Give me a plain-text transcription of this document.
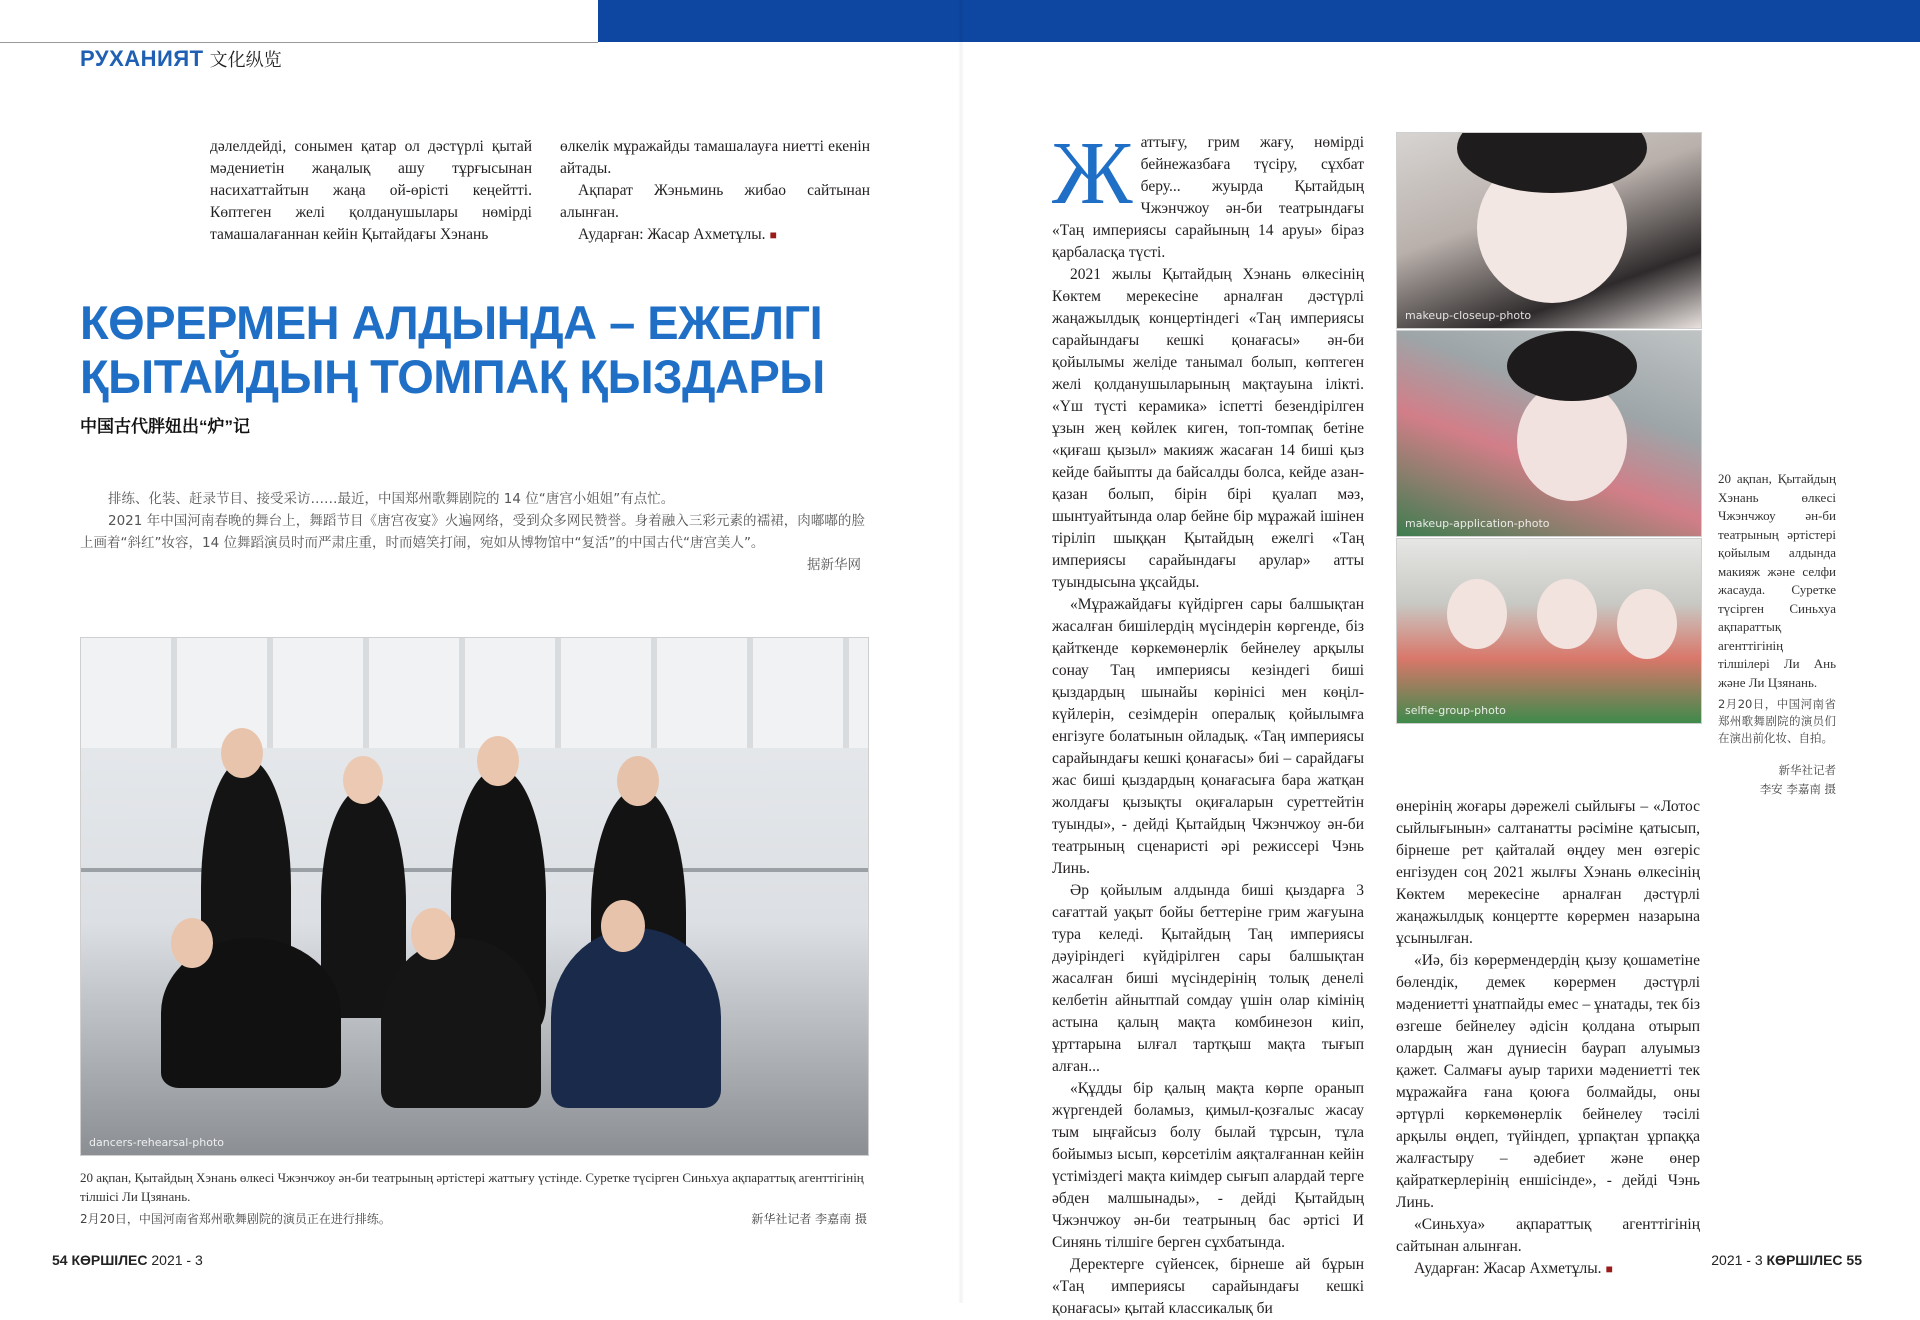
РУХАНИЯТ 文化纵览

дәлелдейді, сонымен қатар ол дәстүрлі қытай мәдениетін жаңалық ашу тұрғысынан насихаттайтын жаңа ой-өрісті кеңейтті. Көптеген желі қолданушылары нөмірді тамашалағаннан кейін Қытайдағы Хэнань

өлкелік мұражайды тамашалауға ниетті екенін айтады.

Ақпарат Жэньминь жибао сайтынан алынған.

Аударған: Жасар Ахметұлы. ■

КӨРЕРМЕН АЛДЫНДА – ЕЖЕЛГІ
ҚЫТАЙДЫҢ ТОМПАҚ ҚЫЗДАРЫ
中国古代胖妞出“炉”记

排练、化装、赶录节目、接受采访……最近，中国郑州歌舞剧院的 14 位“唐宫小姐姐”有点忙。

2021 年中国河南春晚的舞台上，舞蹈节目《唐宫夜宴》火遍网络，受到众多网民赞誉。身着融入三彩元素的襦裙，肉嘟嘟的脸上画着“斜红”妆容，14 位舞蹈演员时而严肃庄重，时而嬉笑打闹，宛如从博物馆中“复活”的中国古代“唐宫美人”。

据新华网

dancers-rehearsal-photo

20 ақпан, Қытайдың Хэнань өлкесі Чжэнчжоу ән-би театрының әртістері жаттығу үстінде. Суретке түсірген Синьхуа ақпараттық агенттігінің тілшісі Ли Цзянань.

2月20日，中国河南省郑州歌舞剧院的演员正在进行排练。	新华社记者 李嘉南 摄

Жаттығу, грим жағу, нөмірді бейнежазбаға түсіру, сұхбат беру... жуырда Қытайдың Чжэнчжоу ән-би театрындағы «Таң империясы сарайының 14 аруы» біраз қарбаласқа түсті.

2021 жылы Қытайдың Хэнань өлкесінің Көктем мерекесіне арналған дәстүрлі жаңажылдық концертіндегі «Таң империясы сарайындағы кешкі қонағасы» ән-би қойылымы желіде танымал болып, көптеген желі қолданушыларының мақтауына ілікті. «Үш түсті керамика» іспетті безендірілген ұзын жең көйлек киген, топ-томпақ бетіне «қиғаш қызыл» макияж жасаған 14 биші қыз кейде байыпты да байсалды болса, кейде азан-қазан болып, бірін бірі қуалап мәз, шынтуайтында олар бейне бір мұражай ішінен тіріліп шыққан Қытайдың ежелгі «Таң империясы сарайындағы арулар» атты туындысына ұқсайды.

«Мұражайдағы күйдірген сары балшықтан жасалған бишілердің мүсіндерін көргенде, біз қайткенде көркемөнерлік бейнелеу арқылы сонау Таң империясы кезіндегі биші қыздардың шынайы көрінісі мен көңіл-күйлерін, сезімдерін опералық қойылымға енгізуге болатынын ойладық. «Таң империясы сарайындағы кешкі қонағасы» биі – сарайдағы жас биші қыздардың қонағасыға бара жатқан жолдағы қызықты оқиғаларын суреттейтін туынды», - дейді Қытайдың Чжэнчжоу ән-би театрының сценаристі әрі режиссері Чэнь Линь.

Әр қойылым алдында биші қыздарға 3 сағаттай уақыт бойы беттеріне грим жағуына тура келеді. Қытайдың Таң империясы дәуіріндегі күйдірілген сары балшықтан жасалған биші мүсіндерінің толық денелі келбетін айнытпай сомдау үшін олар кімінің астына қалың мақта комбинезон киіп, ұрттарына ылғал тартқыш мақта тығып алған...

«Құдды бір қалың мақта көрпе оранып жүргендей боламыз, қимыл-қозғалыс жасау тым ыңғайсыз болу былай тұрсын, тұла бойымыз ысып, көрсетілім аяқталғаннан кейін үстіміздегі мақта киімдер сығып алардай терге әбден малшынады», - дейді Қытайдың Чжэнчжоу ән-би театрының бас әртісі И Синянь тілшіге берген сұхбатында.

Деректерге сүйенсек, бірнеше ай бұрын «Таң империясы сарайындағы кешкі қонағасы» қытай классикалық би

makeup-closeup-photo
makeup-application-photo
selfie-group-photo

20 ақпан, Қытайдың Хэнань өлкесі Чжэнчжоу ән-би театрының әртістері қойылым алдында макияж және селфи жасауда. Суретке түсірген Синьхуа ақпараттық агенттігінің тілшілері Ли Ань және Ли Цзянань.

2月20日，中国河南省郑州歌舞剧院的演员们在演出前化妆、自拍。

新华社记者
李安 李嘉南 摄

өнерінің жоғары дәрежелі сыйлығы – «Лотос сыйлығынын» салтанатты рәсіміне қатысып, бірнеше рет қайталай өңдеу мен өзгеріс енгізуден соң 2021 жылғы Хэнань өлкесінің Көктем мерекесіне арналған дәстүрлі жаңажылдық концертте көрермен назарына ұсынылған.

«Иә, біз көрермендердің қызу қошаметіне бөлендік, демек көрермен дәстүрлі мәдениетті ұнатпайды емес – ұнатады, тек біз өзгеше бейнелеу әдісін қолдана отырып олардың жан дүниесін баурап алуымыз қажет. Салмағы ауыр тарихи мәдениетті тек мұражайға ғана қоюға болмайды, оны әртүрлі көркемөнерлік бейнелеу тәсілі арқылы өңдеп, түйіндеп, ұрпақтан ұрпаққа жалғастыру – әдебиет және өнер қайраткерлерінің еншісінде», - дейді Чэнь Линь.

«Синьхуа» ақпараттық агенттігінің сайтынан алынған.

Аударған: Жасар Ахметұлы. ■

54 КӨРШІЛЕС 2021 - 3	2021 - 3 КӨРШІЛЕС 55
